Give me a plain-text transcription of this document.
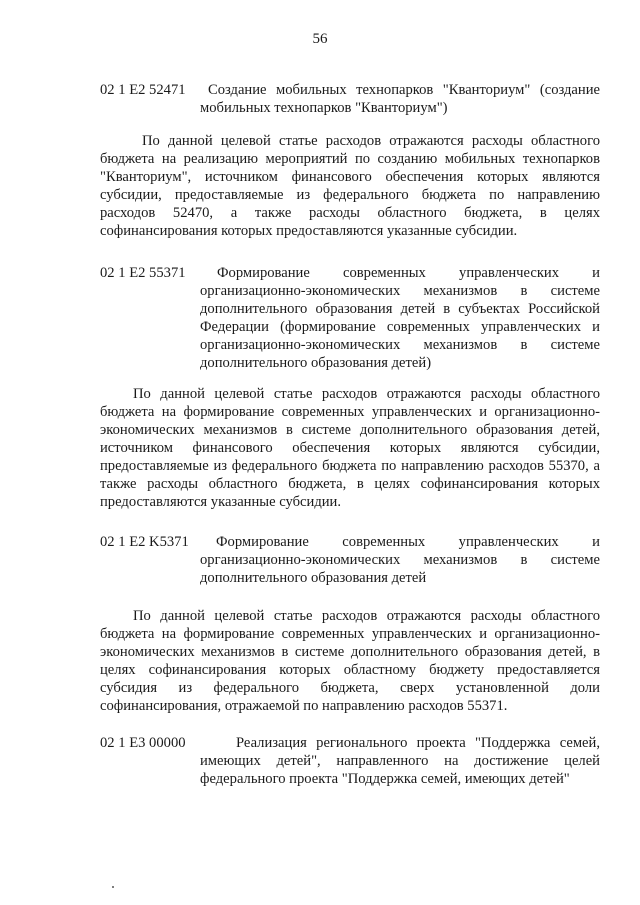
56
02 1 E2 52471	Создание мобильных технопарков "Кванториум" (создание мобильных технопарков "Кванториум")
По данной целевой статье расходов отражаются расходы областного бюджета на реализацию мероприятий по созданию мобильных технопарков "Кванториум", источником финансового обеспечения которых являются субсидии, предоставляемые из федерального бюджета по направлению расходов 52470, а также расходы областного бюджета, в целях софинансирования которых предоставляются указанные субсидии.
02 1 E2 55371	Формирование современных управленческих и организационно-экономических механизмов в системе дополнительного образования детей в субъектах Российской Федерации (формирование современных управленческих и организационно-экономических механизмов в системе дополнительного образования детей)
По данной целевой статье расходов отражаются расходы областного бюджета на формирование современных управленческих и организационно-экономических механизмов в системе дополнительного образования детей, источником финансового обеспечения которых являются субсидии, предоставляемые из федерального бюджета по направлению расходов 55370, а также расходы областного бюджета, в целях софинансирования которых предоставляются указанные субсидии.
02 1 E2 K5371	Формирование современных управленческих и организационно-экономических механизмов в системе дополнительного образования детей
По данной целевой статье расходов отражаются расходы областного бюджета на формирование современных управленческих и организационно-экономических механизмов в системе дополнительного образования детей, в целях софинансирования которых областному бюджету предоставляется субсидия из федерального бюджета, сверх установленной доли софинансирования, отражаемой по направлению расходов 55371.
02 1 E3 00000	Реализация регионального проекта "Поддержка семей, имеющих детей", направленного на достижение целей федерального проекта "Поддержка семей, имеющих детей"
